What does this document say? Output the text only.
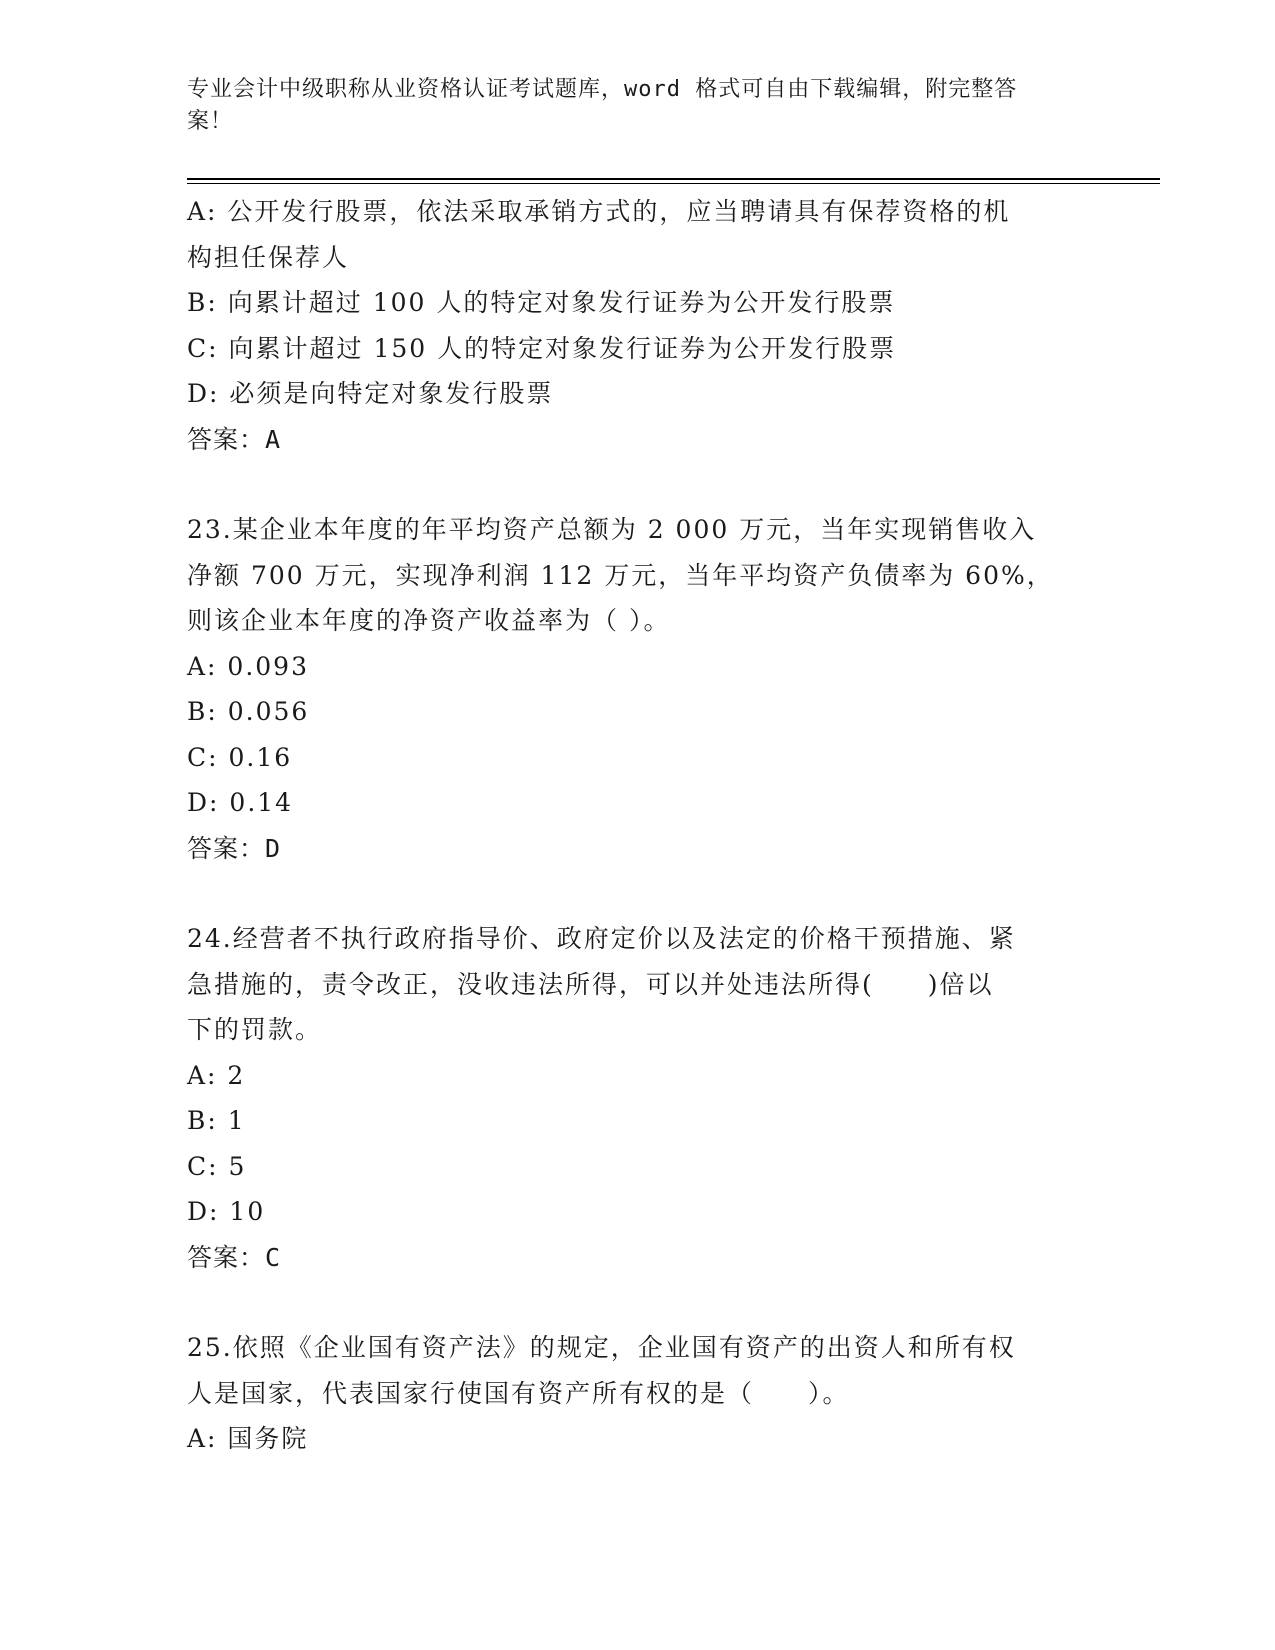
专业会计中级职称从业资格认证考试题库，word 格式可自由下载编辑，附完整答
案！

A: 公开发行股票，依法采取承销方式的，应当聘请具有保荐资格的机

构担任保荐人

B: 向累计超过 100 人的特定对象发行证券为公开发行股票

C: 向累计超过 150 人的特定对象发行证券为公开发行股票

D: 必须是向特定对象发行股票

答案：A

23.某企业本年度的年平均资产总额为 2 000 万元，当年实现销售收入

净额 700 万元，实现净利润 112 万元，当年平均资产负债率为 60%，

则该企业本年度的净资产收益率为（ ）。

A: 0.093

B: 0.056

C: 0.16

D: 0.14

答案：D

24.经营者不执行政府指导价、政府定价以及法定的价格干预措施、紧

急措施的，责令改正，没收违法所得，可以并处违法所得(　　)倍以

下的罚款。

A: 2

B: 1

C: 5

D: 10

答案：C

25.依照《企业国有资产法》的规定，企业国有资产的出资人和所有权

人是国家，代表国家行使国有资产所有权的是（　　）。

A: 国务院
